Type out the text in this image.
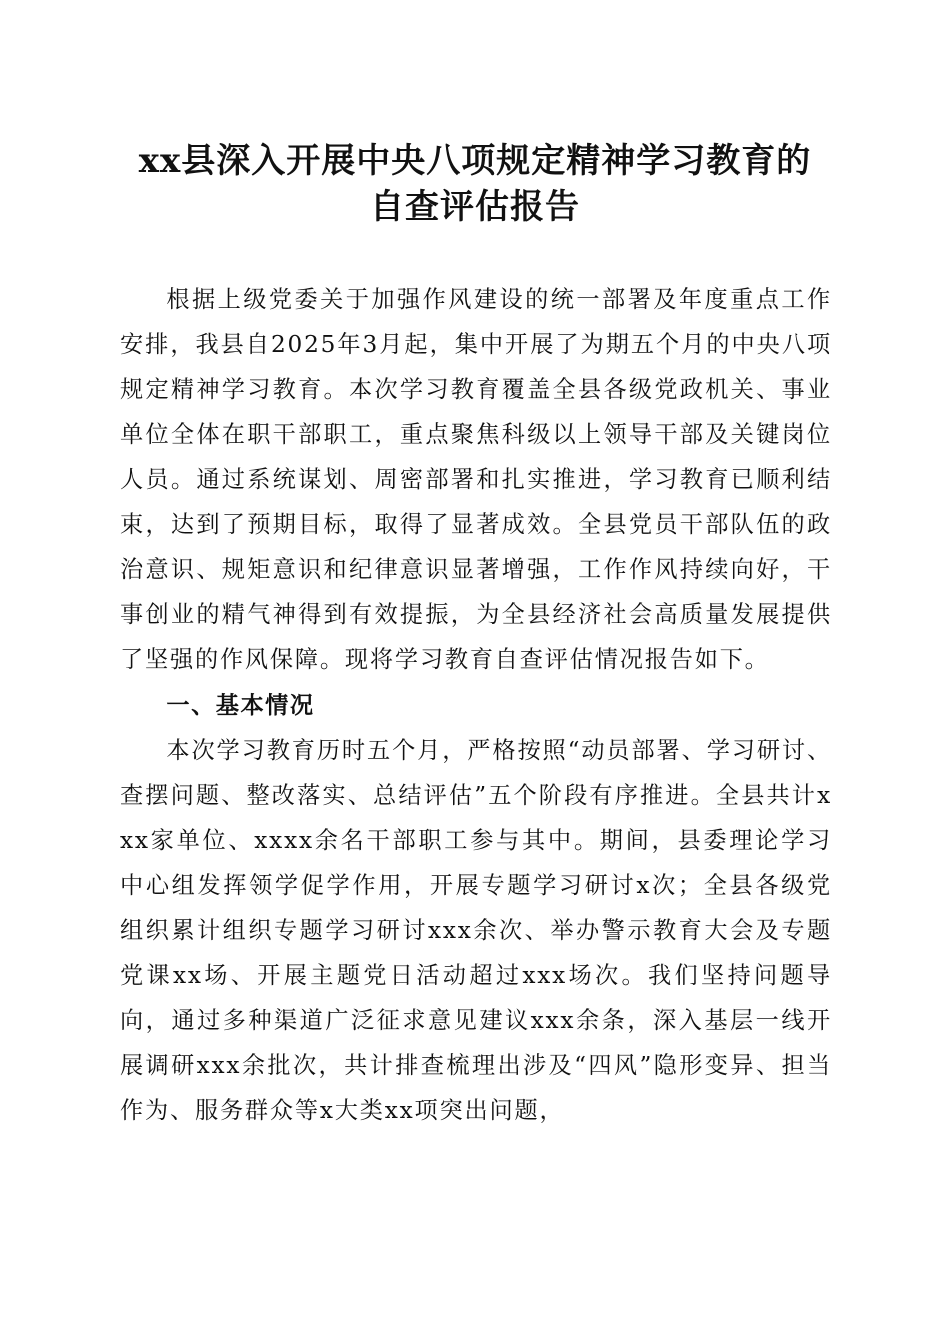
xx县深入开展中央八项规定精神学习教育的
自查评估报告

根据上级党委关于加强作风建设的统一部署及年度重点工作安排，我县自2025年3月起，集中开展了为期五个月的中央八项规定精神学习教育。本次学习教育覆盖全县各级党政机关、事业单位全体在职干部职工，重点聚焦科级以上领导干部及关键岗位人员。通过系统谋划、周密部署和扎实推进，学习教育已顺利结束，达到了预期目标，取得了显著成效。全县党员干部队伍的政治意识、规矩意识和纪律意识显著增强，工作作风持续向好，干事创业的精气神得到有效提振，为全县经济社会高质量发展提供了坚强的作风保障。现将学习教育自查评估情况报告如下。

一、基本情况

本次学习教育历时五个月，严格按照“动员部署、学习研讨、查摆问题、整改落实、总结评估”五个阶段有序推进。全县共计xxx家单位、xxxx余名干部职工参与其中。期间，县委理论学习中心组发挥领学促学作用，开展专题学习研讨x次；全县各级党组织累计组织专题学习研讨xxx余次、举办警示教育大会及专题党课xx场、开展主题党日活动超过xxx场次。我们坚持问题导向，通过多种渠道广泛征求意见建议xxx余条，深入基层一线开展调研xxx余批次，共计排查梳理出涉及“四风”隐形变异、担当作为、服务群众等x大类xx项突出问题，
